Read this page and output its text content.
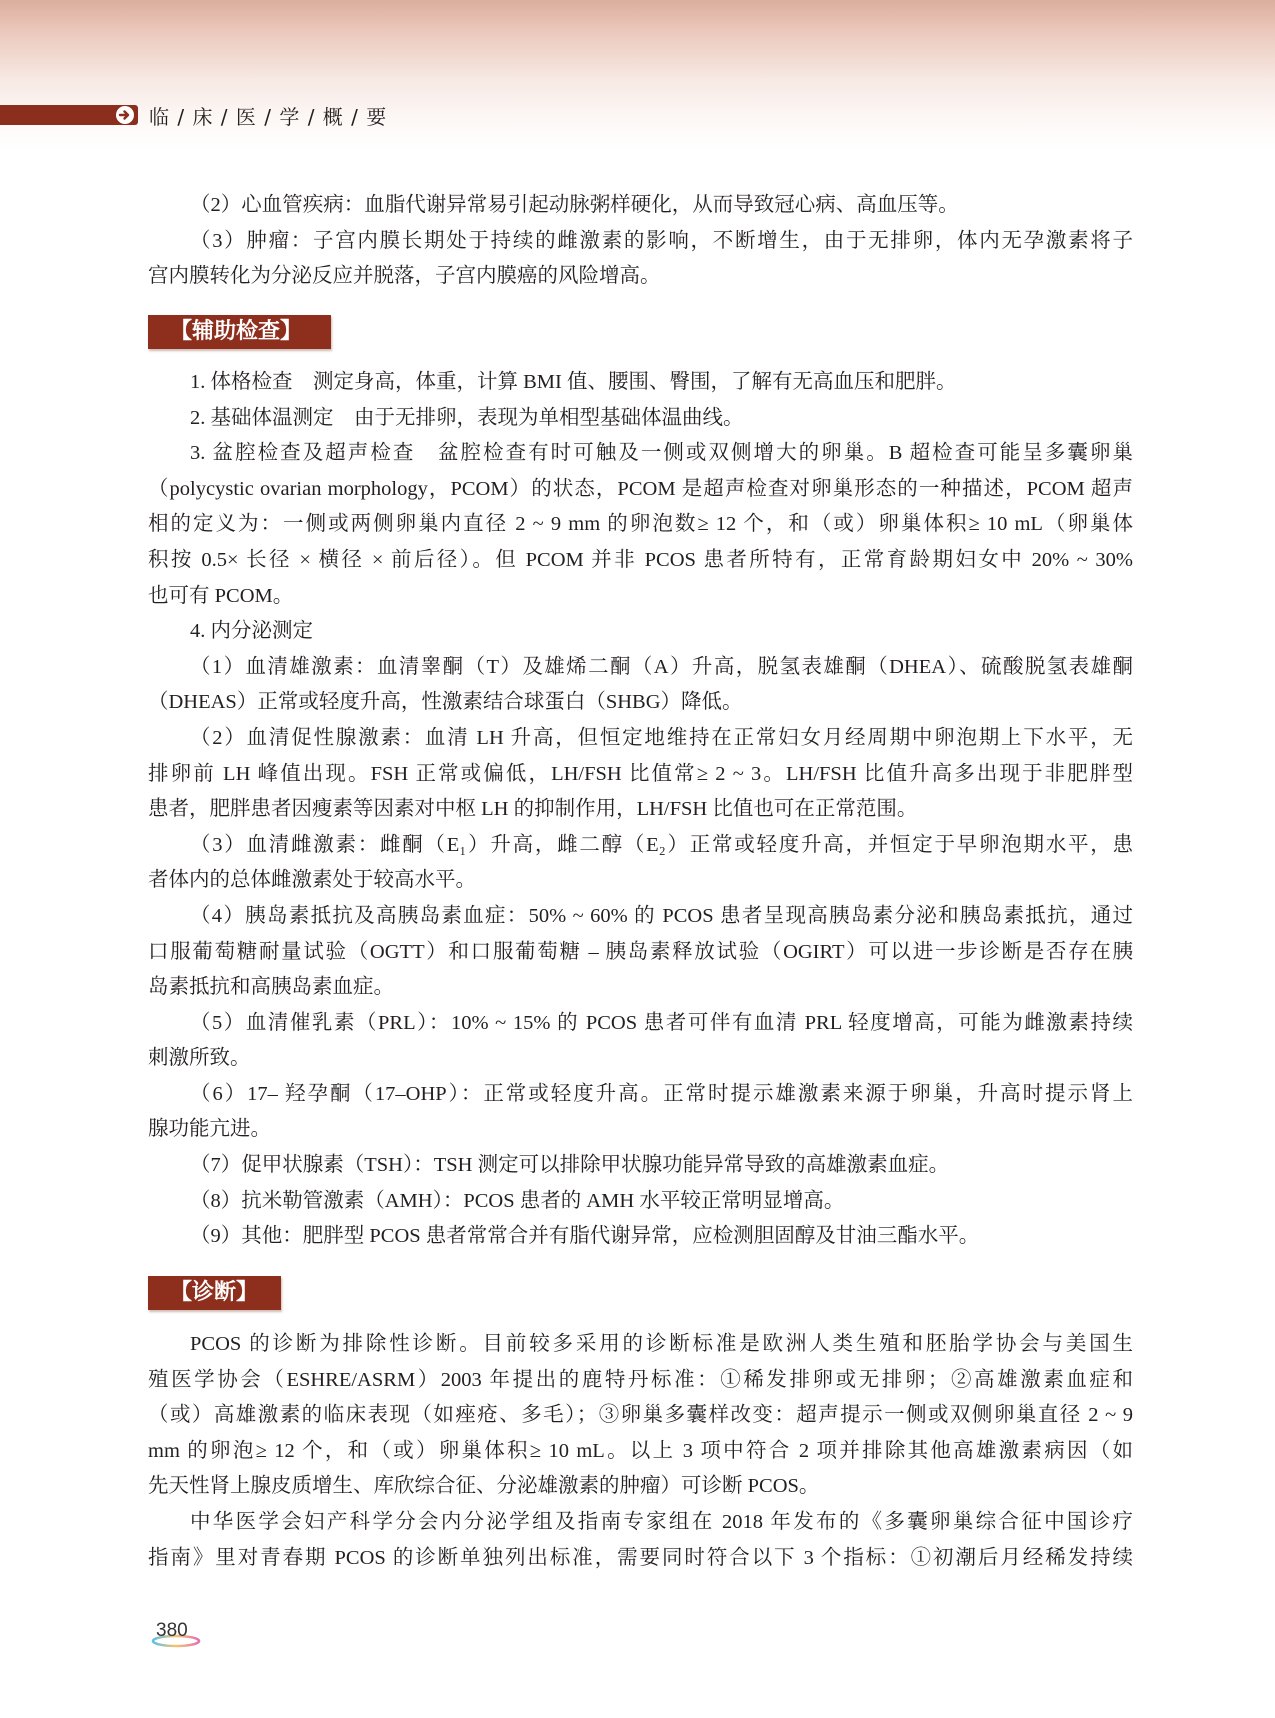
临 / 床 / 医 / 学 / 概 / 要
（2）心血管疾病：血脂代谢异常易引起动脉粥样硬化，从而导致冠心病、高血压等。
（3）肿瘤：子宫内膜长期处于持续的雌激素的影响，不断增生，由于无排卵，体内无孕激素将子
宫内膜转化为分泌反应并脱落，子宫内膜癌的风险增高。
【辅助检查】
1. 体格检查　测定身高，体重，计算 BMI 值、腰围、臀围，了解有无高血压和肥胖。
2. 基础体温测定　由于无排卵，表现为单相型基础体温曲线。
3. 盆腔检查及超声检查　盆腔检查有时可触及一侧或双侧增大的卵巢。B 超检查可能呈多囊卵巢
（polycystic ovarian morphology，PCOM）的状态，PCOM 是超声检查对卵巢形态的一种描述，PCOM 超声
相的定义为：一侧或两侧卵巢内直径 2 ~ 9 mm 的卵泡数≥ 12 个，和（或）卵巢体积≥ 10 mL（卵巢体
积按 0.5× 长径 × 横径 × 前后径）。但 PCOM 并非 PCOS 患者所特有，正常育龄期妇女中 20% ~ 30%
也可有 PCOM。
4. 内分泌测定
（1）血清雄激素：血清睾酮（T）及雄烯二酮（A）升高，脱氢表雄酮（DHEA）、硫酸脱氢表雄酮
（DHEAS）正常或轻度升高，性激素结合球蛋白（SHBG）降低。
（2）血清促性腺激素：血清 LH 升高，但恒定地维持在正常妇女月经周期中卵泡期上下水平，无
排卵前 LH 峰值出现。FSH 正常或偏低，LH/FSH 比值常≥ 2 ~ 3。LH/FSH 比值升高多出现于非肥胖型
患者，肥胖患者因瘦素等因素对中枢 LH 的抑制作用，LH/FSH 比值也可在正常范围。
（3）血清雌激素：雌酮（E₁）升高，雌二醇（E₂）正常或轻度升高，并恒定于早卵泡期水平，患
者体内的总体雌激素处于较高水平。
（4）胰岛素抵抗及高胰岛素血症：50% ~ 60% 的 PCOS 患者呈现高胰岛素分泌和胰岛素抵抗，通过
口服葡萄糖耐量试验（OGTT）和口服葡萄糖 – 胰岛素释放试验（OGIRT）可以进一步诊断是否存在胰
岛素抵抗和高胰岛素血症。
（5）血清催乳素（PRL）：10% ~ 15% 的 PCOS 患者可伴有血清 PRL 轻度增高，可能为雌激素持续
刺激所致。
（6）17– 羟孕酮（17–OHP）：正常或轻度升高。正常时提示雄激素来源于卵巢，升高时提示肾上
腺功能亢进。
（7）促甲状腺素（TSH）：TSH 测定可以排除甲状腺功能异常导致的高雄激素血症。
（8）抗米勒管激素（AMH）：PCOS 患者的 AMH 水平较正常明显增高。
（9）其他：肥胖型 PCOS 患者常常合并有脂代谢异常，应检测胆固醇及甘油三酯水平。
【诊断】
PCOS 的诊断为排除性诊断。目前较多采用的诊断标准是欧洲人类生殖和胚胎学协会与美国生
殖医学协会（ESHRE/ASRM）2003 年提出的鹿特丹标准：①稀发排卵或无排卵；②高雄激素血症和
（或）高雄激素的临床表现（如痤疮、多毛）；③卵巢多囊样改变：超声提示一侧或双侧卵巢直径 2 ~ 9
mm 的卵泡≥ 12 个，和（或）卵巢体积≥ 10 mL。以上 3 项中符合 2 项并排除其他高雄激素病因（如
先天性肾上腺皮质增生、库欣综合征、分泌雄激素的肿瘤）可诊断 PCOS。
中华医学会妇产科学分会内分泌学组及指南专家组在 2018 年发布的《多囊卵巢综合征中国诊疗
指南》里对青春期 PCOS 的诊断单独列出标准，需要同时符合以下 3 个指标：①初潮后月经稀发持续
380
